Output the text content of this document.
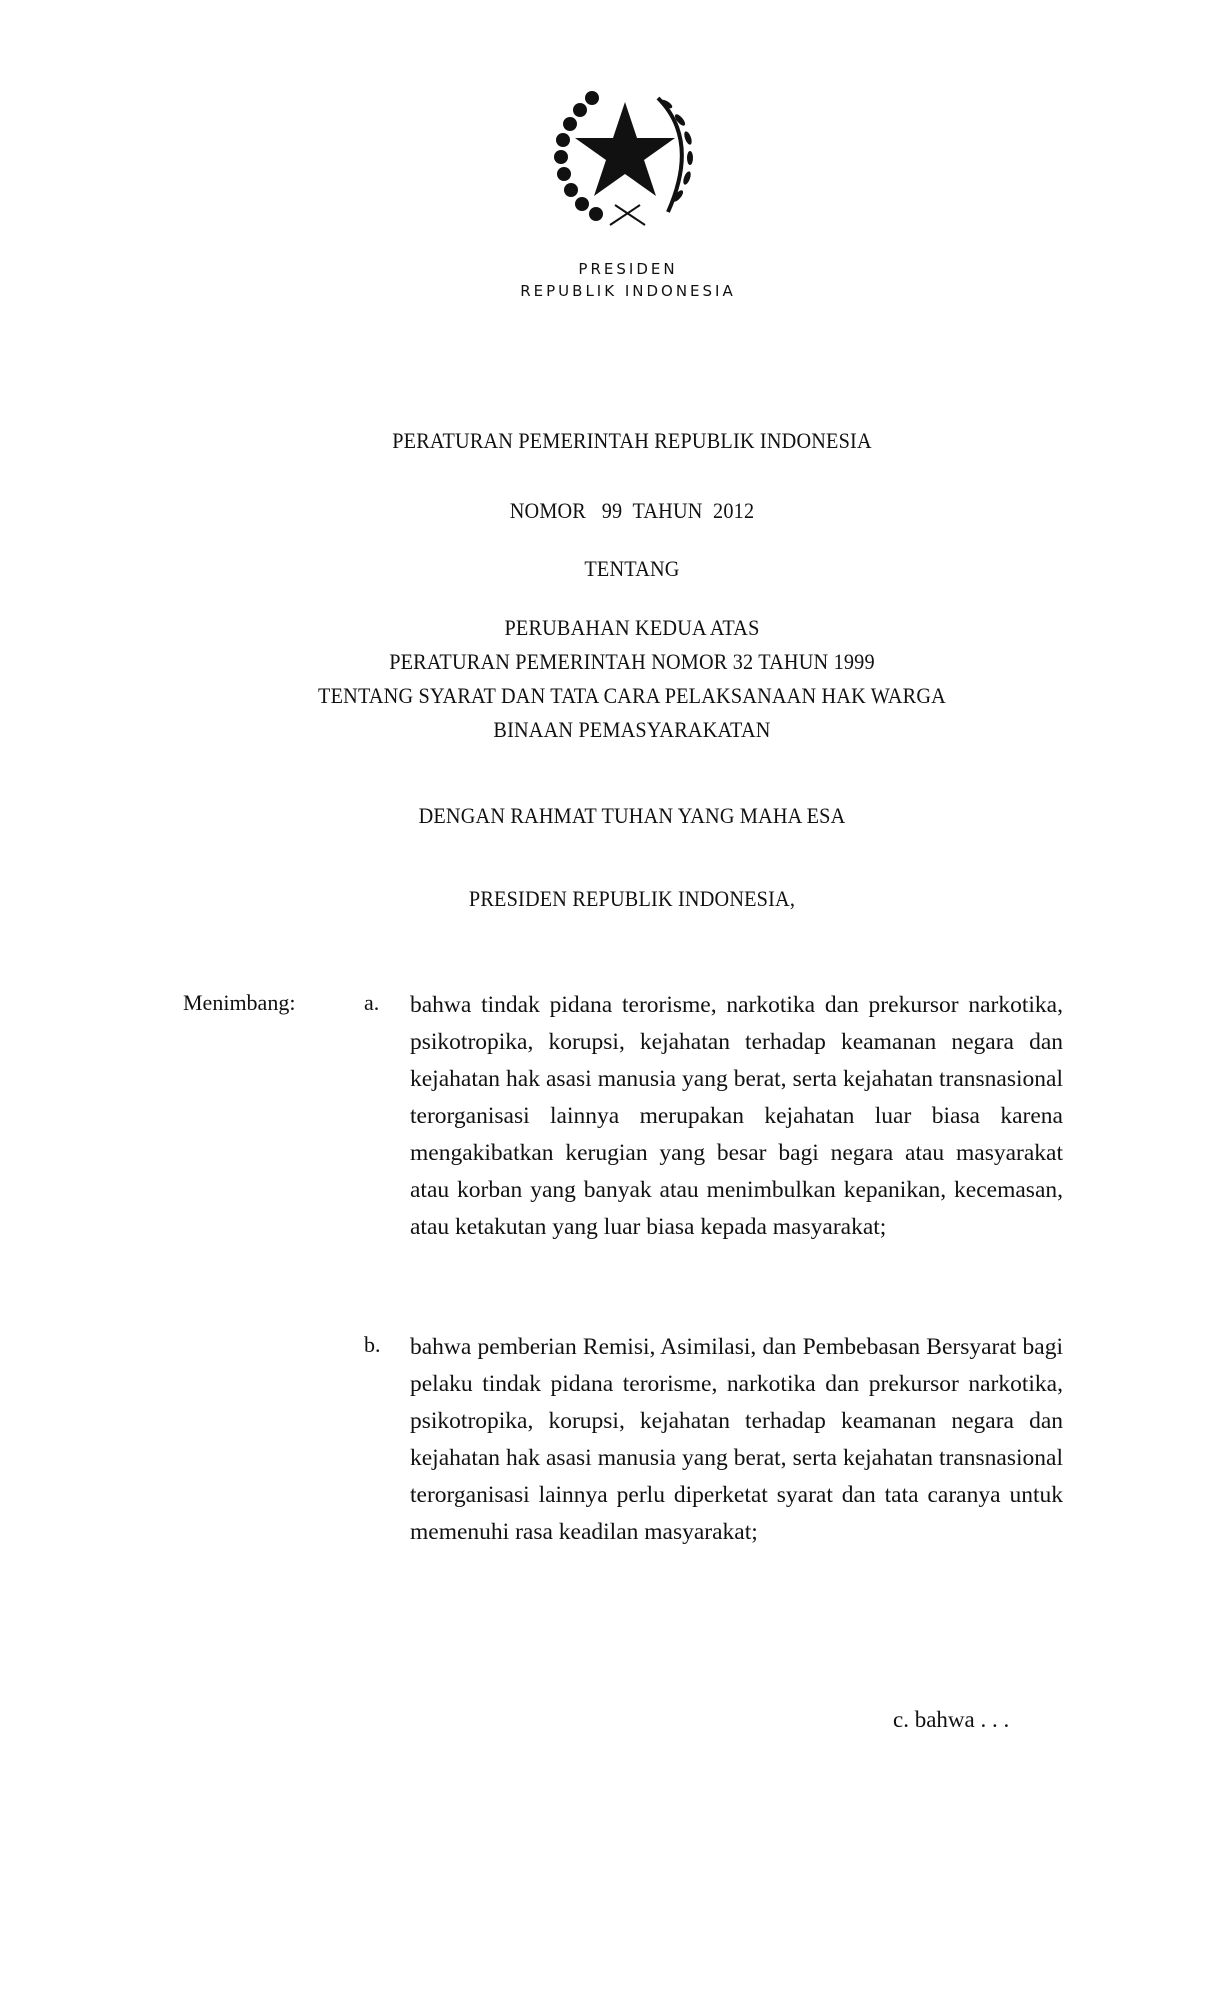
PRESIDEN
REPUBLIK INDONESIA
PERATURAN PEMERINTAH REPUBLIK INDONESIA
NOMOR   99  TAHUN  2012
TENTANG
PERUBAHAN KEDUA ATAS
PERATURAN PEMERINTAH NOMOR 32 TAHUN 1999
TENTANG SYARAT DAN TATA CARA PELAKSANAAN HAK WARGA
BINAAN PEMASYARAKATAN
DENGAN RAHMAT TUHAN YANG MAHA ESA
PRESIDEN REPUBLIK INDONESIA,
Menimbang:	a. bahwa tindak pidana terorisme, narkotika dan prekursor narkotika, psikotropika, korupsi, kejahatan terhadap keamanan negara dan kejahatan hak asasi manusia yang berat, serta kejahatan transnasional terorganisasi lainnya merupakan kejahatan luar biasa karena mengakibatkan kerugian yang besar bagi negara atau masyarakat atau korban yang banyak atau menimbulkan kepanikan, kecemasan, atau ketakutan yang luar biasa kepada masyarakat;
b. bahwa pemberian Remisi, Asimilasi, dan Pembebasan Bersyarat bagi pelaku tindak pidana terorisme, narkotika dan prekursor narkotika, psikotropika, korupsi, kejahatan terhadap keamanan negara dan kejahatan hak asasi manusia yang berat, serta kejahatan transnasional terorganisasi lainnya perlu diperketat syarat dan tata caranya untuk memenuhi rasa keadilan masyarakat;
c. bahwa . . .
